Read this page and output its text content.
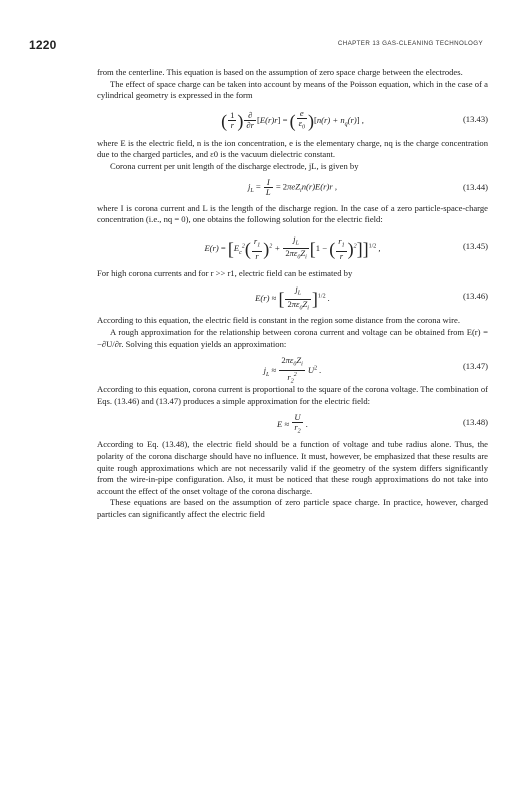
1220	CHAPTER 13 GAS-CLEANING TECHNOLOGY

from the centerline. This equation is based on the assumption of zero space charge between the electrodes.

The effect of space charge can be taken into account by means of the Poisson equation, which in the case of a cylindrical geometry is expressed in the form

( $\frac{1}{r}$ ) $\frac{\partial}{\partial r} [E(r)r]$ = ( $\frac{e}{\varepsilon_0} )[n(r) + n_q(r)]$ ,	(13.43)

where E is the electric field, n is the ion concentration, e is the elementary charge, nq is the charge concentration due to the charged particles, and ε0 is the vacuum dielectric constant.

Corona current per unit length of the discharge electrode, jL, is given by

$j_L = \frac{I}{L} = 2\pi eZ_in(r)E(r)r$ ,	(13.44)

where I is corona current and L is the length of the discharge region. In the case of a zero particle-space-charge concentration (i.e., nq = 0), one obtains the following solution for the electric field:

$E(r) = [E_c^2( \frac{r_1}{r} )^2 + \frac{j_L}{2\pi\varepsilon_0Z_i} [1$ − ( $\frac{r_1}{r} )^2]]^{1/2}$ ,	(13.45)

For high corona currents and for r >> r1, electric field can be estimated by

E(r) ≈ [ $\frac{j_L}{2\pi\varepsilon_0Z_i} ]^{1/2}$ .	(13.46)

According to this equation, the electric field is constant in the region some distance from the corona wire.

A rough approximation for the relationship between corona current and voltage can be obtained from E(r) = −∂U/∂r. Solving this equation yields an approximation:

$j_L \approx \frac{2\pi\varepsilon_0Z_i}{r_2^2} U^2$ .	(13.47)

According to this equation, corona current is proportional to the square of the corona voltage. The combination of Eqs. (13.46) and (13.47) produces a simple approximation for the electric field:

$E \approx \frac{U}{r_2}$ .	(13.48)

According to Eq. (13.48), the electric field should be a function of voltage and tube radius alone. Thus, the polarity of the corona discharge should have no influence. It must, however, be emphasized that these results are quite rough approximations which are not necessarily valid if the geometry of the system differs significantly from the wire-in-pipe configuration. Also, it must be noticed that these rough approximations do not take into account the effect of the onset voltage of the corona discharge.

These equations are based on the assumption of zero particle space charge. In practice, however, charged particles can significantly affect the electric field
